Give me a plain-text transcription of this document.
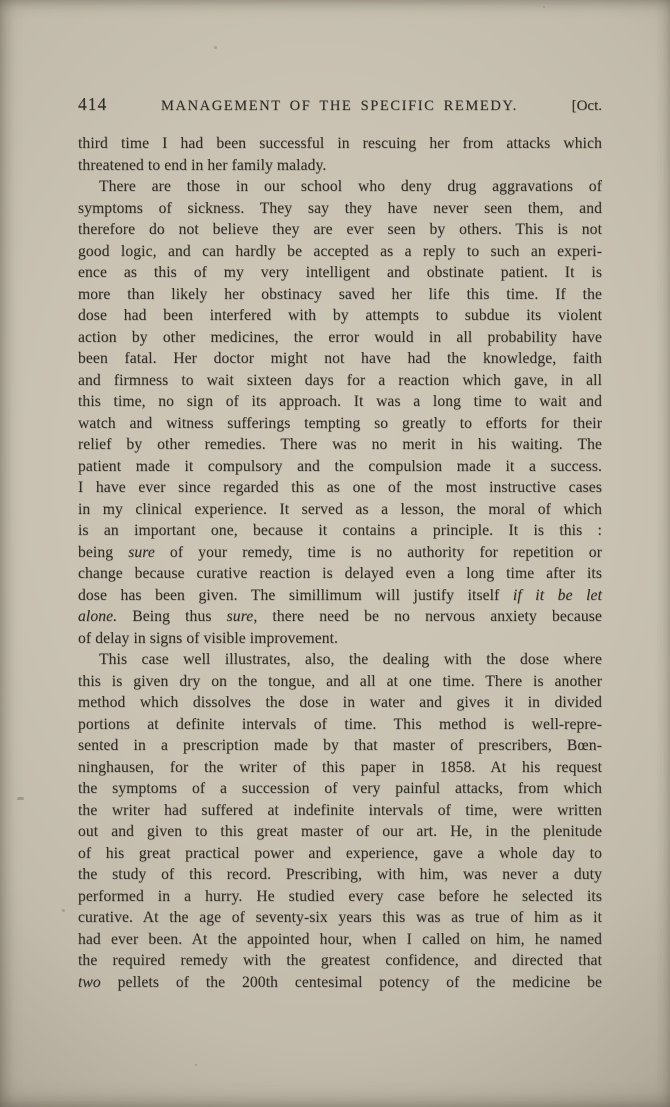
414	MANAGEMENT OF THE SPECIFIC REMEDY.	[Oct.
third time I had been successful in rescuing her from attacks which
threatened to end in her family malady.
There are those in our school who deny drug aggravations of
symptoms of sickness. They say they have never seen them, and
therefore do not believe they are ever seen by others. This is not
good logic, and can hardly be accepted as a reply to such an experi-
ence as this of my very intelligent and obstinate patient. It is
more than likely her obstinacy saved her life this time. If the
dose had been interfered with by attempts to subdue its violent
action by other medicines, the error would in all probability have
been fatal. Her doctor might not have had the knowledge, faith
and firmness to wait sixteen days for a reaction which gave, in all
this time, no sign of its approach. It was a long time to wait and
watch and witness sufferings tempting so greatly to efforts for their
relief by other remedies. There was no merit in his waiting. The
patient made it compulsory and the compulsion made it a success.
I have ever since regarded this as one of the most instructive cases
in my clinical experience. It served as a lesson, the moral of which
is an important one, because it contains a principle. It is this :
being sure of your remedy, time is no authority for repetition or
change because curative reaction is delayed even a long time after its
dose has been given. The simillimum will justify itself if it be let
alone. Being thus sure, there need be no nervous anxiety because
of delay in signs of visible improvement.
This case well illustrates, also, the dealing with the dose where
this is given dry on the tongue, and all at one time. There is another
method which dissolves the dose in water and gives it in divided
portions at definite intervals of time. This method is well-repre-
sented in a prescription made by that master of prescribers, Bœn-
ninghausen, for the writer of this paper in 1858. At his request
the symptoms of a succession of very painful attacks, from which
the writer had suffered at indefinite intervals of time, were written
out and given to this great master of our art. He, in the plenitude
of his great practical power and experience, gave a whole day to
the study of this record. Prescribing, with him, was never a duty
performed in a hurry. He studied every case before he selected its
curative. At the age of seventy-six years this was as true of him as it
had ever been. At the appointed hour, when I called on him, he named
the required remedy with the greatest confidence, and directed that
two pellets of the 200th centesimal potency of the medicine be
